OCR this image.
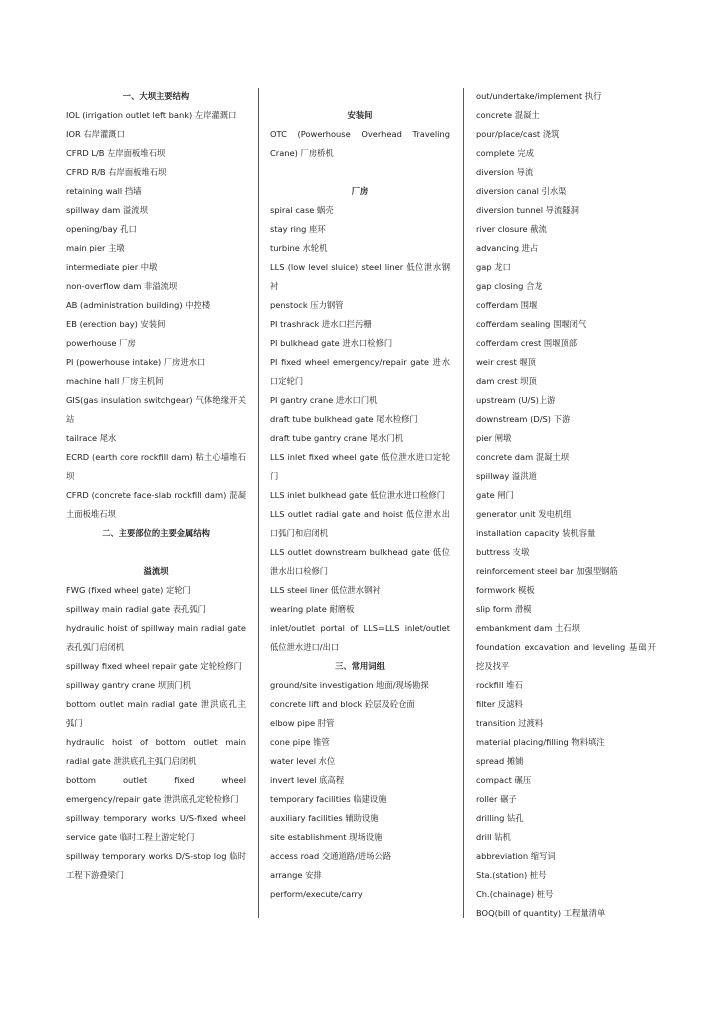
一、大坝主要结构
IOL (irrigation outlet left bank) 左岸灌溉口
IOR 右岸灌溉口
CFRD L/B 左岸面板堆石坝
CFRD R/B 右岸面板堆石坝
retaining wall 挡墙
spillway dam 溢流坝
opening/bay 孔口
main pier 主墩
intermediate pier 中墩
non-overflow dam 非溢流坝
AB (administration building) 中控楼
EB (erection bay) 安装间
powerhouse 厂房
PI (powerhouse intake) 厂房进水口
machine hall 厂房主机间
GIS(gas insulation switchgear) 气体绝缘开关站
tailrace 尾水
ECRD (earth core rockfill dam) 粘土心墙堆石坝
CFRD (concrete face-slab rockfill dam) 混凝土面板堆石坝
二、主要部位的主要金属结构
溢流坝
FWG (fixed wheel gate) 定轮门
spillway main radial gate 表孔弧门
hydraulic hoist of spillway main radial gate 表孔弧门启闭机
spillway fixed wheel repair gate 定轮检修门
spillway gantry crane 坝顶门机
bottom outlet main radial gate 泄洪底孔主弧门
hydraulic hoist of bottom outlet main radial gate 泄洪底孔主弧门启闭机
bottom outlet fixed wheel emergency/repair gate 泄洪底孔定轮检修门
spillway temporary works U/S-fixed wheel service gate 临时工程上游定轮门
spillway temporary works D/S-stop log 临时工程下游叠梁门
安装间
OTC (Powerhouse Overhead Traveling Crane) 厂房桥机
厂房
spiral case 蜗壳
stay ring 座环
turbine 水轮机
LLS (low level sluice) steel liner 低位泄水钢衬
penstock 压力钢管
PI trashrack 进水口拦污栅
PI bulkhead gate 进水口检修门
PI fixed wheel emergency/repair gate 进水口定轮门
PI gantry crane 进水口门机
draft tube bulkhead gate 尾水检修门
draft tube gantry crane 尾水门机
LLS inlet fixed wheel gate 低位泄水进口定轮门
LLS inlet bulkhead gate 低位泄水进口检修门
LLS outlet radial gate and hoist 低位泄水出口弧门和启闭机
LLS outlet downstream bulkhead gate 低位泄水出口检修门
LLS steel liner 低位泄水钢衬
wearing plate 耐磨板
inlet/outlet portal of LLS=LLS inlet/outlet 低位泄水进口/出口
三、常用词组
ground/site investigation 地面/现场勘探
concrete lift and block 砼层及砼仓面
elbow pipe 肘管
cone pipe 锥管
water level 水位
invert level 底高程
temporary facilities 临建设施
auxiliary facilities 辅助设施
site establishment 现场设施
access road 交通道路/进场公路
arrange 安排
perform/execute/carry
out/undertake/implement 执行
concrete 混凝土
pour/place/cast 浇筑
complete 完成
diversion 导流
diversion canal 引水渠
diversion tunnel 导流隧洞
river closure 截流
advancing 进占
gap 龙口
gap closing 合龙
cofferdam 围堰
cofferdam sealing 围堰闭气
cofferdam crest 围堰顶部
weir crest 堰顶
dam crest 坝顶
upstream (U/S)上游
downstream (D/S) 下游
pier 闸墩
concrete dam 混凝土坝
spillway 溢洪道
gate 闸门
generator unit 发电机组
installation capacity 装机容量
buttress 支墩
reinforcement steel bar 加强型钢筋
formwork 模板
slip form 滑模
embankment dam 土石坝
foundation excavation and leveling 基础开挖及找平
rockfill 堆石
filter 反滤料
transition 过渡料
material placing/filling 物料填注
spread 摊铺
compact 碾压
roller 碾子
drilling 钻孔
drill 钻机
abbreviation 缩写词
Sta.(station) 桩号
Ch.(chainage) 桩号
BOQ(bill of quantity) 工程量清单
